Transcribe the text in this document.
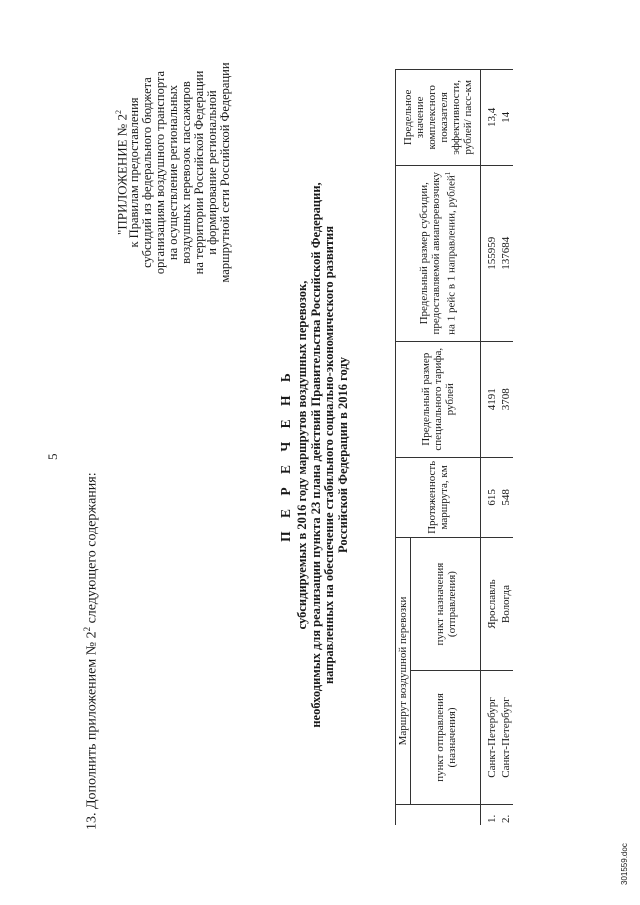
5
13. Дополнить приложением № $2^2$ следующего содержания:
"ПРИЛОЖЕНИЕ № $2^2$ к Правилам предоставления субсидий из федерального бюджета организациям воздушного транспорта на осуществление региональных воздушных перевозок пассажиров на территории Российской Федерации и формирование региональной маршрутной сети Российской Федерации
П Е Р Е Ч Е Н Ь субсидируемых в 2016 году маршрутов воздушных перевозок, необходимых для реализации пункта 23 плана действий Правительства Российской Федерации, направленных на обеспечение стабильного социально-экономического развития Российской Федерации в 2016 году
	Маршрут воздушной перевозки		Протяженность маршрута, км	Предельный размер специального тарифа, рублей	Предельный размер субсидии, предоставляемой авиаперевозчику на 1 рейс в 1 направлении, рублей$^1$	Предельное значение комплексного показателя эффективности, рублей/ пасс-км
	пункт отправления (назначения)	пункт назначения (отправления)				

1.	Санкт-Петербург	Ярославль	615	4191	155959	13,4
2.	Санкт-Петербург	Вологда	548	3708	137684	14
301559.doc
